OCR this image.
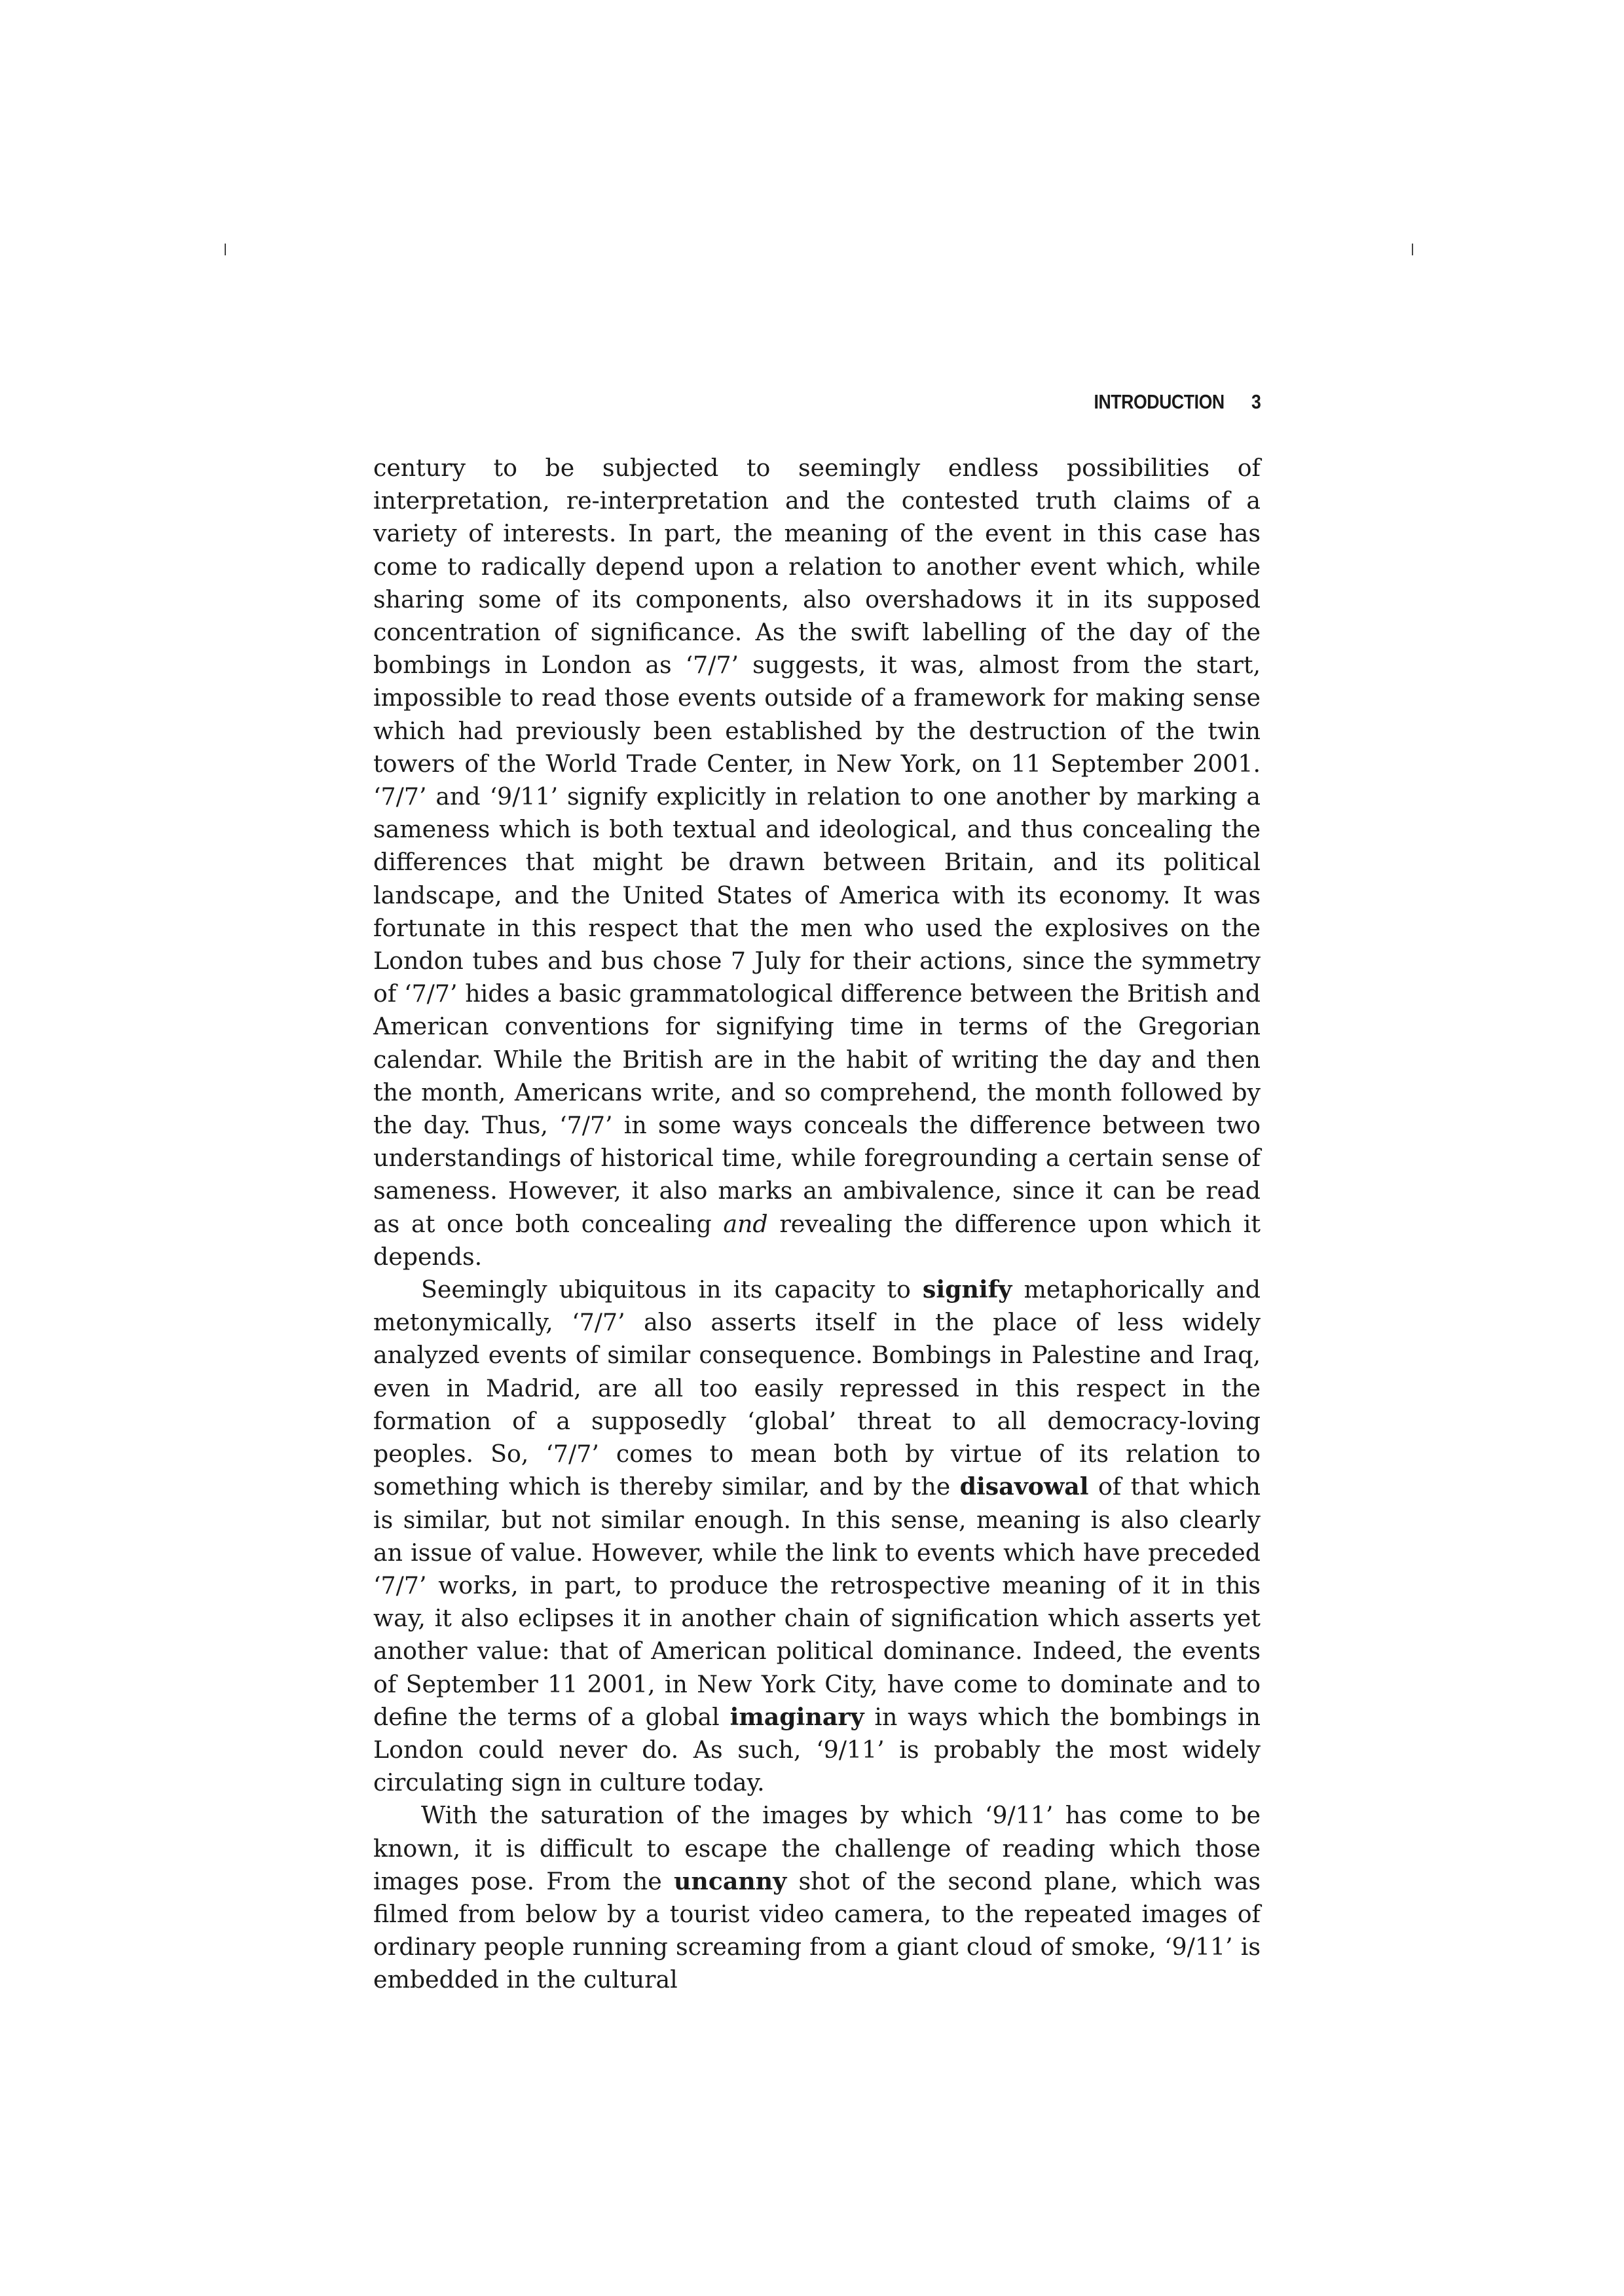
INTRODUCTION 3

century to be subjected to seemingly endless possibilities of interpretation, re-interpretation and the contested truth claims of a variety of interests. In part, the meaning of the event in this case has come to radically depend upon a relation to another event which, while sharing some of its components, also overshadows it in its supposed concentration of significance. As the swift labelling of the day of the bombings in London as ‘7/7’ suggests, it was, almost from the start, impossible to read those events outside of a framework for making sense which had previously been established by the destruction of the twin towers of the World Trade Center, in New York, on 11 September 2001. ‘7/7’ and ‘9/11’ signify explicitly in relation to one another by marking a sameness which is both textual and ideological, and thus concealing the differences that might be drawn between Britain, and its political landscape, and the United States of America with its economy. It was fortunate in this respect that the men who used the explosives on the London tubes and bus chose 7 July for their actions, since the symmetry of ‘7/7’ hides a basic grammatological difference between the British and American conventions for signifying time in terms of the Gregorian calendar. While the British are in the habit of writing the day and then the month, Americans write, and so comprehend, the month followed by the day. Thus, ‘7/7’ in some ways conceals the difference between two understandings of historical time, while foregrounding a certain sense of sameness. However, it also marks an ambivalence, since it can be read as at once both concealing and revealing the difference upon which it depends.

Seemingly ubiquitous in its capacity to signify metaphorically and metonymically, ‘7/7’ also asserts itself in the place of less widely analyzed events of similar consequence. Bombings in Palestine and Iraq, even in Madrid, are all too easily repressed in this respect in the formation of a supposedly ‘global’ threat to all democracy-loving peoples. So, ‘7/7’ comes to mean both by virtue of its relation to something which is thereby similar, and by the disavowal of that which is similar, but not similar enough. In this sense, meaning is also clearly an issue of value. However, while the link to events which have preceded ‘7/7’ works, in part, to produce the retrospective meaning of it in this way, it also eclipses it in another chain of signification which asserts yet another value: that of American political dominance. Indeed, the events of September 11 2001, in New York City, have come to dominate and to define the terms of a global imaginary in ways which the bombings in London could never do. As such, ‘9/11’ is probably the most widely circulating sign in culture today.

With the saturation of the images by which ‘9/11’ has come to be known, it is difficult to escape the challenge of reading which those images pose. From the uncanny shot of the second plane, which was filmed from below by a tourist video camera, to the repeated images of ordinary people running screaming from a giant cloud of smoke, ‘9/11’ is embedded in the cultural
